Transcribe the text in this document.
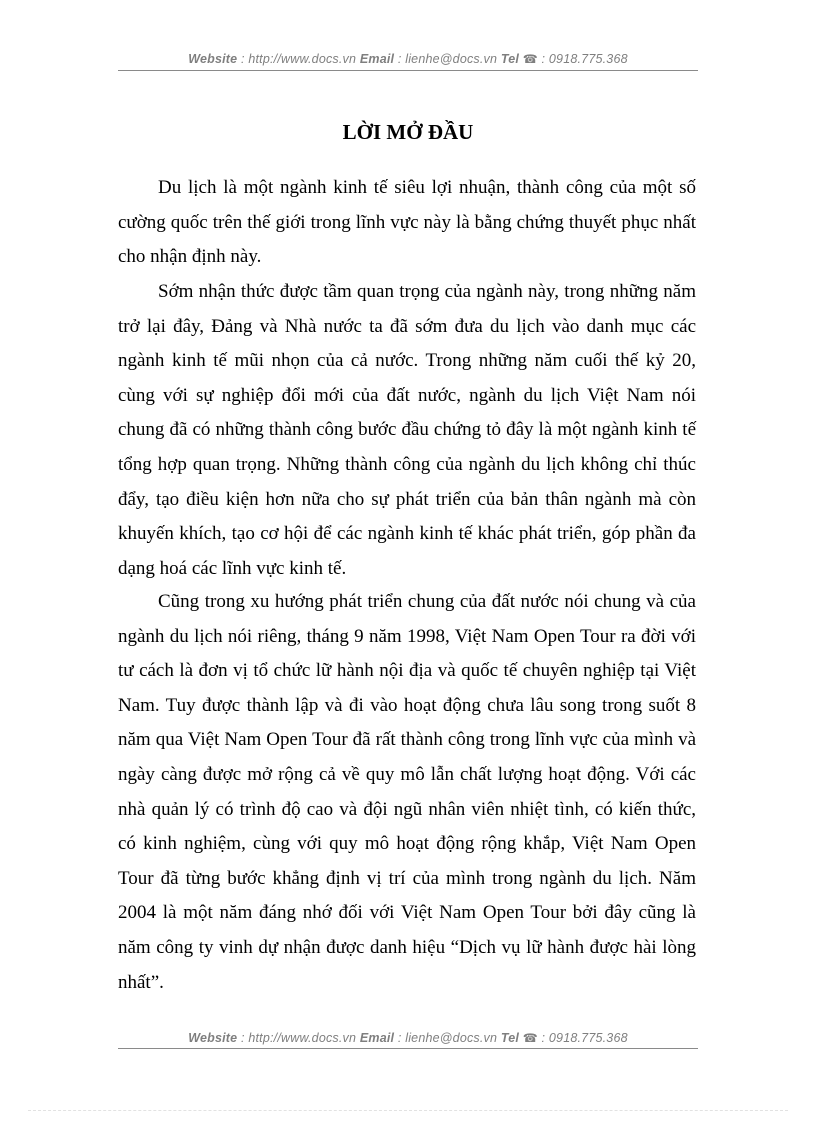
Website : http://www.docs.vn Email : lienhe@docs.vn Tel ☎ : 0918.775.368
LỜI MỞ ĐẦU

Du lịch là một ngành kinh tế siêu lợi nhuận, thành công của một số cường quốc trên thế giới trong lĩnh vực này là bằng chứng thuyết phục nhất cho nhận định này.

Sớm nhận thức được tầm quan trọng của ngành này, trong những năm trở lại đây, Đảng và Nhà nước ta đã sớm đưa du lịch vào danh mục các ngành kinh tế mũi nhọn của cả nước. Trong những năm cuối thế kỷ 20, cùng với sự nghiệp đổi mới của đất nước, ngành du lịch Việt Nam nói chung đã có những thành công bước đầu chứng tỏ đây là một ngành kinh tế tổng hợp quan trọng. Những thành công của ngành du lịch không chỉ thúc đẩy, tạo điều kiện hơn nữa cho sự phát triển của bản thân ngành mà còn khuyến khích, tạo cơ hội để các ngành kinh tế khác phát triển, góp phần đa dạng hoá các lĩnh vực kinh tế.

Cũng trong xu hướng phát triển chung của đất nước nói chung và của ngành du lịch nói riêng, tháng 9 năm 1998, Việt Nam Open Tour ra đời với tư cách là đơn vị tổ chức lữ hành nội địa và quốc tế chuyên nghiệp tại Việt Nam. Tuy được thành lập và đi vào hoạt động chưa lâu song trong suốt 8 năm qua Việt Nam Open Tour đã rất thành công trong lĩnh vực của mình và ngày càng được mở rộng cả về quy mô lẫn chất lượng hoạt động. Với các nhà quản lý có trình độ cao và đội ngũ nhân viên nhiệt tình, có kiến thức, có kinh nghiệm, cùng với quy mô hoạt động rộng khắp, Việt Nam Open Tour đã từng bước khẳng định vị trí của mình trong ngành du lịch. Năm 2004 là một năm đáng nhớ đối với Việt Nam Open Tour bởi đây cũng là năm công ty vinh dự nhận được danh hiệu “Dịch vụ lữ hành được hài lòng nhất”.

Website : http://www.docs.vn Email : lienhe@docs.vn Tel ☎ : 0918.775.368
